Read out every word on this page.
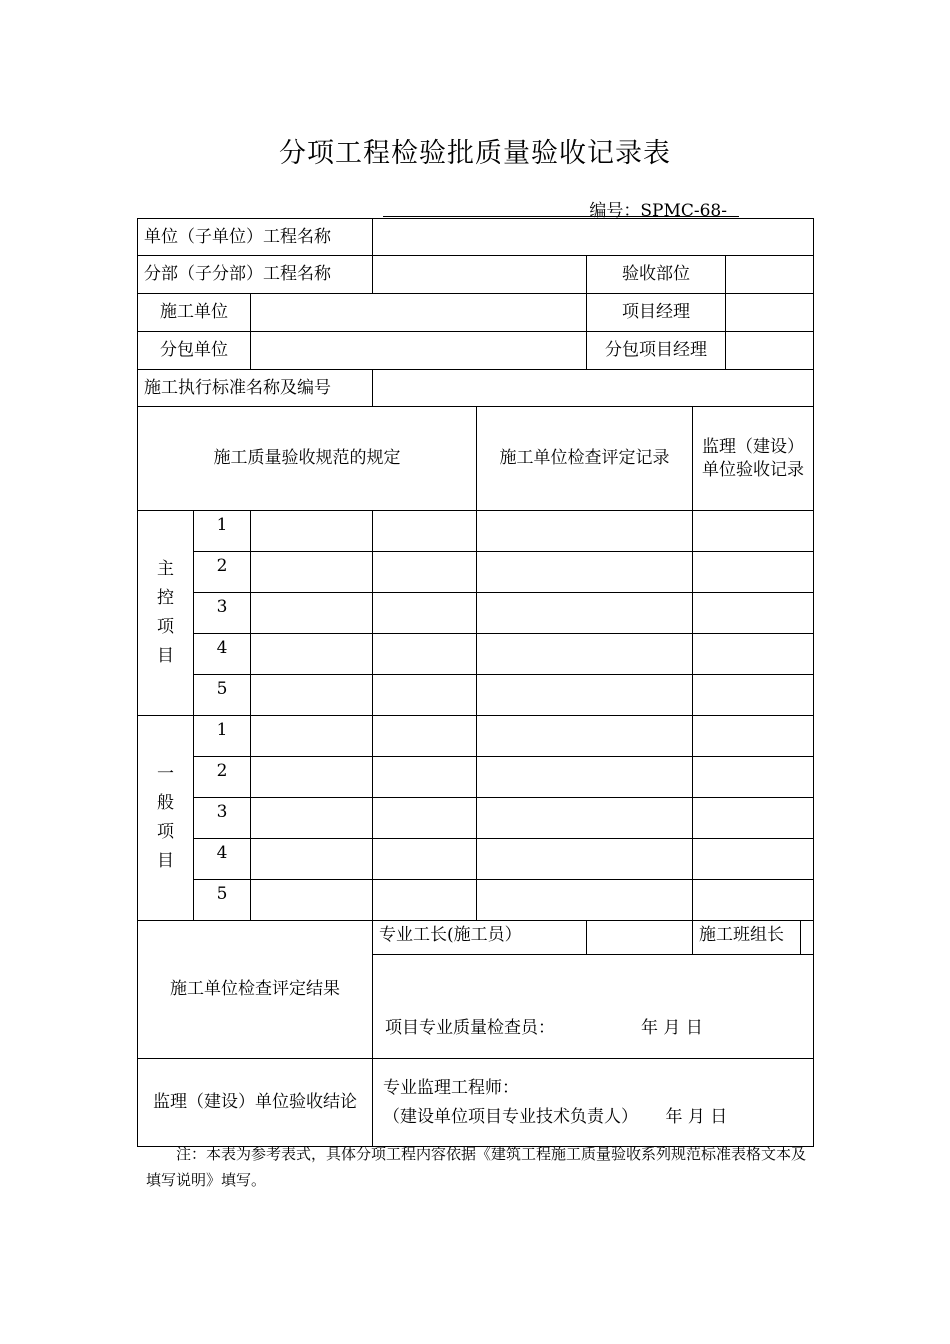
分项工程检验批质量验收记录表
编号：SPMC-68-
单位（子单位）工程名称	
分部（子分部）工程名称		验收部位	
施工单位		项目经理	
分包单位		分包项目经理	
施工执行标准名称及编号	
施工质量验收规范的规定	施工单位检查评定记录	监理（建设）单位验收记录
主控项目	1				
2				
3				
4				
5				
一般项目	1				
2				
3				
4				
5				
施工单位检查评定结果	专业工长(施工员）			施工班组长	

项目专业质量检查员：	年 月 日

监理（建设）单位验收结论	
专业监理工程师：
（建设单位项目专业技术负责人） 年 月 日
注：本表为参考表式，具体分项工程内容依据《建筑工程施工质量验收系列规范标准表格文本及填写说明》填写。
